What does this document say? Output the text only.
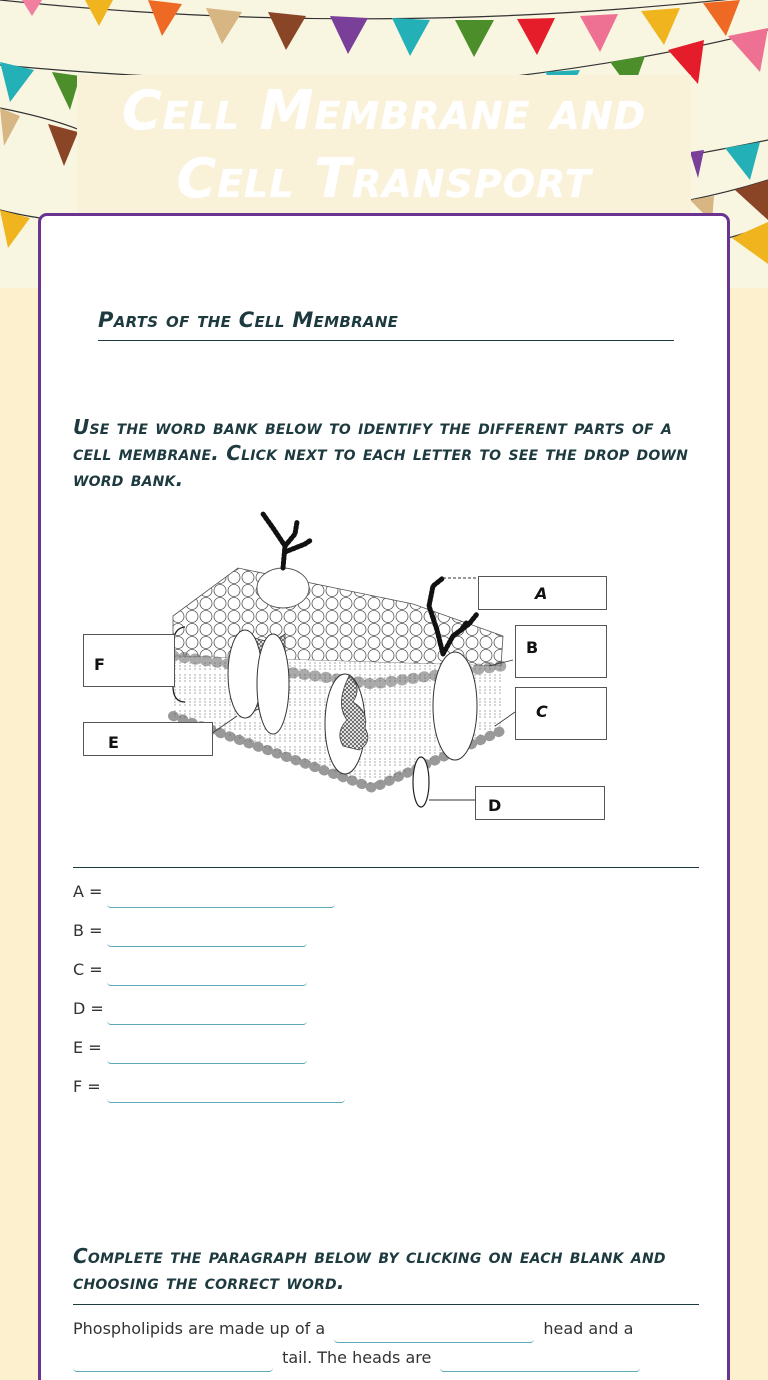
Cell Membrane and
Cell Transport
Parts of the Cell Membrane
Use the word bank below to identify the different parts of a cell membrane. Click next to each letter to see the drop down word bank.
A
B
C
D
E
F
A =
B =
C =
D =
E =
F =
Complete the paragraph below by clicking on each blank and choosing the correct word.
Phospholipids are made up of a	head and a
tail. The heads are
